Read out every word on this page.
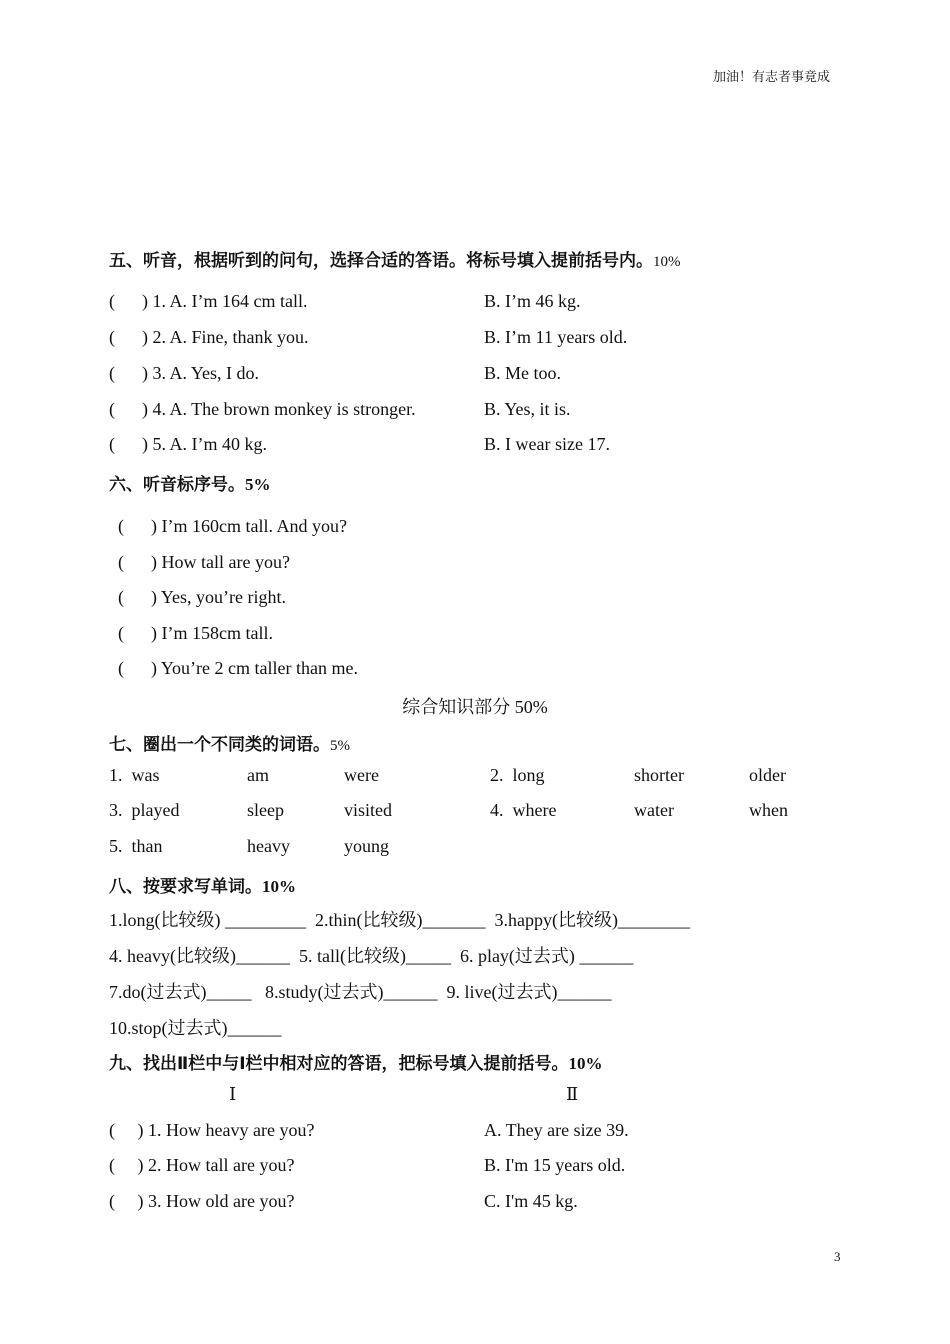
加油！有志者事竟成
五、听音，根据听到的问句，选择合适的答语。将标号填入提前括号内。10%
(      ) 1. A. I’m 164 cm tall.	B. I’m 46 kg.
(      ) 2. A. Fine, thank you.	B. I’m 11 years old.
(      ) 3. A. Yes, I do.	B. Me too.
(      ) 4. A. The brown monkey is stronger.	B. Yes, it is.
(      ) 5. A. I’m 40 kg.	B. I wear size 17.
六、听音标序号。5%
(      ) I’m 160cm tall. And you?
(      ) How tall are you?
(      ) Yes, you’re right.
(      ) I’m 158cm tall.
(      ) You’re 2 cm taller than me.
综合知识部分 50%
七、圈出一个不同类的词语。5%
1.  was	am	were	2.  long	shorter	older
3.  played	sleep	visited	4.  where	water	when
5.  than	heavy	young
八、按要求写单词。10%
1.long(比较级) _________  2.thin(比较级)_______  3.happy(比较级)________
4. heavy(比较级)______  5. tall(比较级)_____  6. play(过去式) ______
7.do(过去式)_____   8.study(过去式)______  9. live(过去式)______
10.stop(过去式)______
九、找出Ⅱ栏中与Ⅰ栏中相对应的答语，把标号填入提前括号。10%
Ⅰ	Ⅱ
(     ) 1. How heavy are you?	A. They are size 39.
(     ) 2. How tall are you?	B. I'm 15 years old.
(     ) 3. How old are you?	C. I'm 45 kg.
3
